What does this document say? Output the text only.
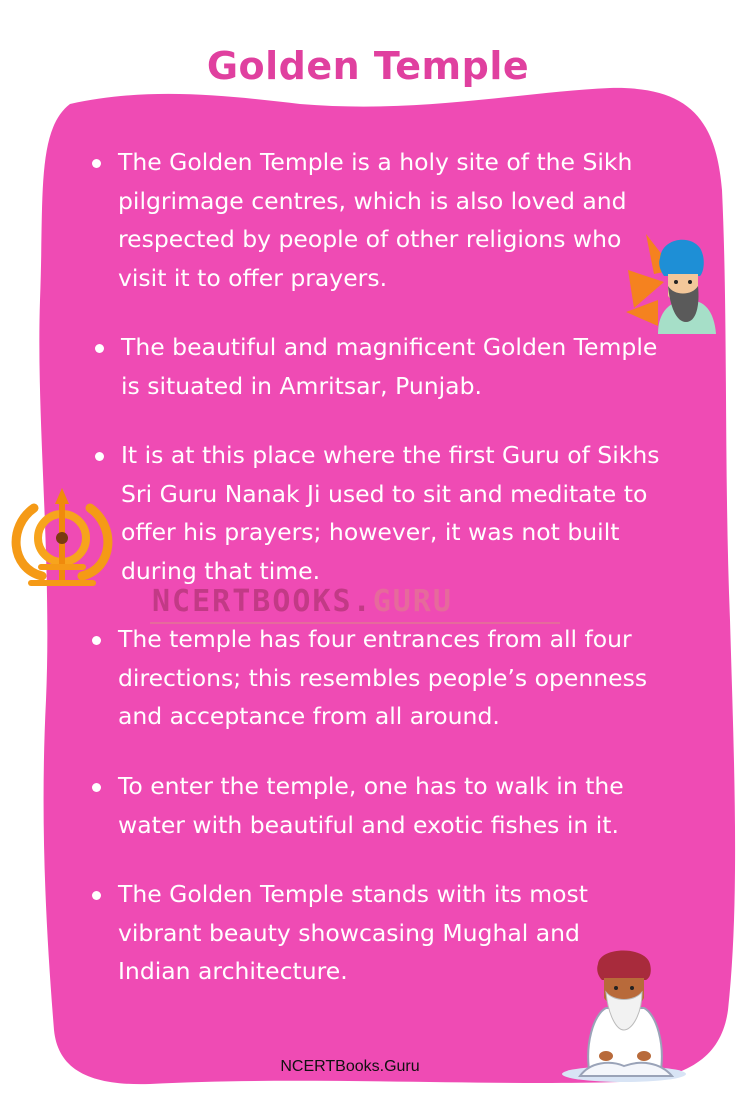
Golden Temple
The Golden Temple is a holy site of the Sikh
pilgrimage centres, which is also loved and
respected by people of other religions who
visit it to offer prayers.
The beautiful and magnificent Golden Temple
is situated in Amritsar, Punjab.
It is at this place where the first Guru of Sikhs
Sri Guru Nanak Ji used to sit and meditate to
offer his prayers; however, it was not built
during that time.
The temple has four entrances from all four
directions; this resembles people’s openness
and acceptance from all around.
To enter the temple, one has to walk in the
water with beautiful and exotic fishes in it.
The Golden Temple stands with its most
vibrant beauty showcasing Mughal and
Indian architecture.
NCERTBOOKS.GURU
NCERTBooks.Guru
